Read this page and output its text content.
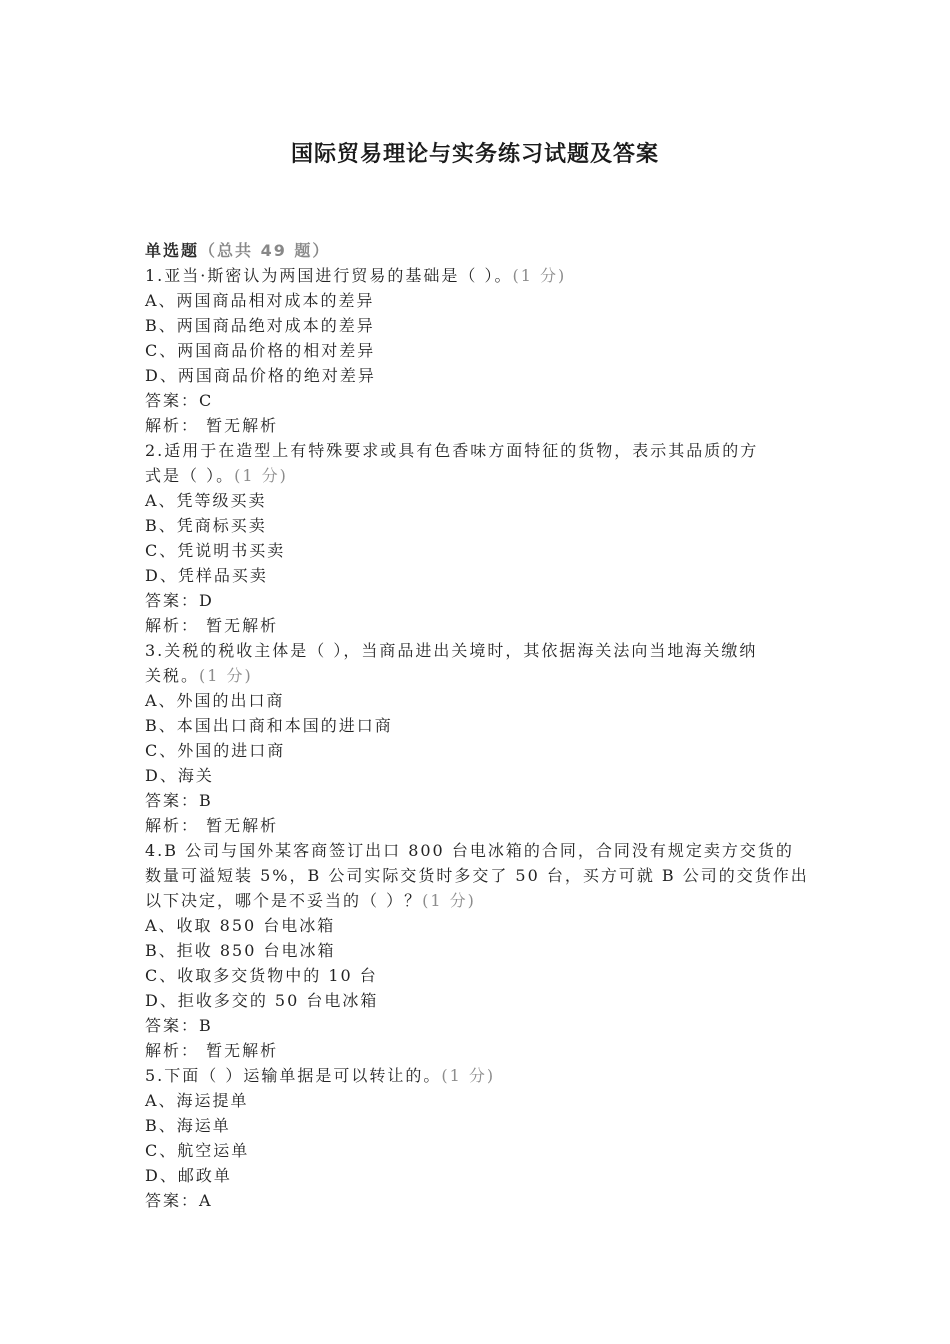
国际贸易理论与实务练习试题及答案
单选题（总共 49 题）
1.亚当·斯密认为两国进行贸易的基础是（ ）。(1 分)
A、两国商品相对成本的差异
B、两国商品绝对成本的差异
C、两国商品价格的相对差异
D、两国商品价格的绝对差异
答案：C
解析： 暂无解析
2.适用于在造型上有特殊要求或具有色香味方面特征的货物，表示其品质的方
式是（ ）。(1 分)
A、凭等级买卖
B、凭商标买卖
C、凭说明书买卖
D、凭样品买卖
答案：D
解析： 暂无解析
3.关税的税收主体是（ ），当商品进出关境时，其依据海关法向当地海关缴纳
关税。(1 分)
A、外国的出口商
B、本国出口商和本国的进口商
C、外国的进口商
D、海关
答案：B
解析： 暂无解析
4.B 公司与国外某客商签订出口 800 台电冰箱的合同，合同没有规定卖方交货的
数量可溢短装 5%，B 公司实际交货时多交了 50 台，买方可就 B 公司的交货作出
以下决定，哪个是不妥当的（ ）？(1 分)
A、收取 850 台电冰箱
B、拒收 850 台电冰箱
C、收取多交货物中的 10 台
D、拒收多交的 50 台电冰箱
答案：B
解析： 暂无解析
5.下面（ ）运输单据是可以转让的。(1 分)
A、海运提单
B、海运单
C、航空运单
D、邮政单
答案：A
